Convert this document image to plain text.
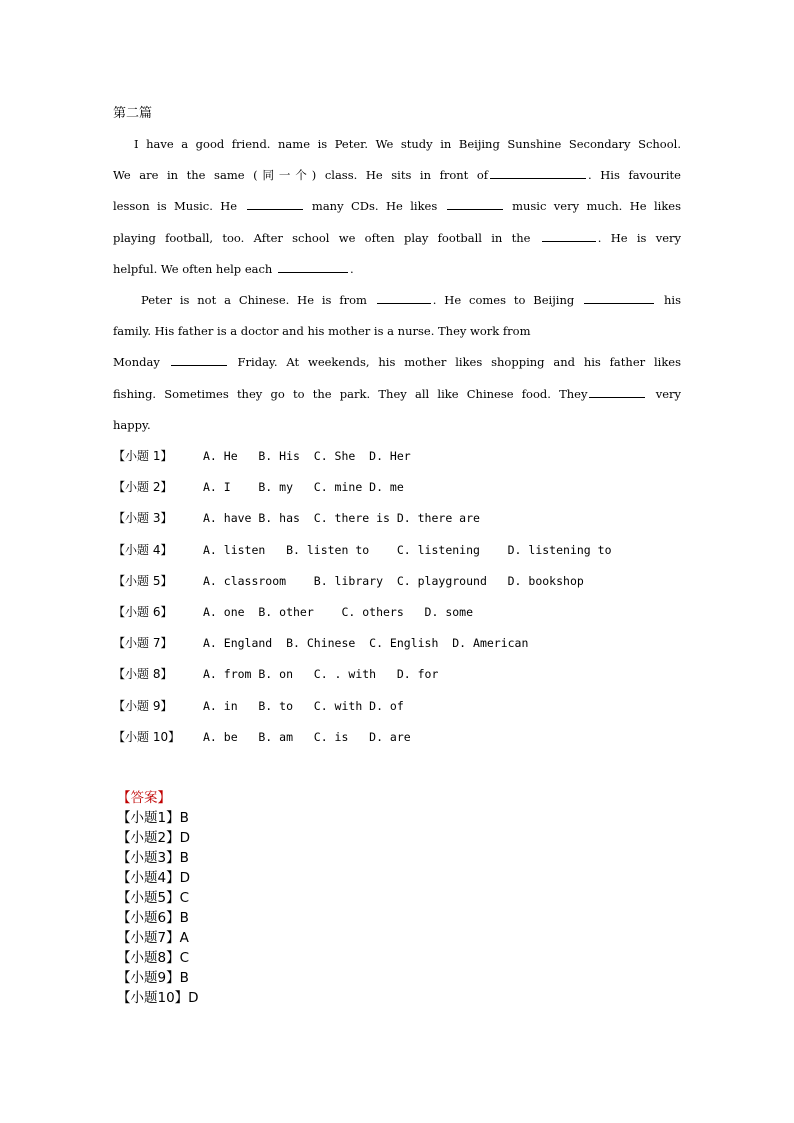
第二篇
I have a good friend. name is Peter. We study in Beijing Sunshine Secondary School.
We are in the same (同一个) class. He sits in front of	. His favourite
lesson is Music. He	many CDs. He likes	music very much. He likes
playing football, too. After school we often play football in the	. He is very
helpful. We often help each	.
Peter is not a Chinese. He is from	. He comes to Beijing	his
family. His father is a doctor and his mother is a nurse. They work from
Monday	Friday. At weekends, his mother likes shopping and his father likes
fishing. Sometimes they go to the park. They all like Chinese food. They	very
happy.
【小题 1】	A. He   B. His  C. She  D. Her
【小题 2】	A. I    B. my   C. mine D. me
【小题 3】	A. have B. has  C. there is D. there are
【小题 4】	A. listen   B. listen to    C. listening    D. listening to
【小题 5】	A. classroom    B. library  C. playground   D. bookshop
【小题 6】	A. one  B. other    C. others   D. some
【小题 7】	A. England  B. Chinese  C. English  D. American
【小题 8】	A. from B. on   C. . with   D. for
【小题 9】	A. in   B. to   C. with D. of
【小题 10】 A. be   B. am   C. is   D. are
【答案】
【小题1】B
【小题2】D
【小题3】B
【小题4】D
【小题5】C
【小题6】B
【小题7】A
【小题8】C
【小题9】B
【小题10】D
